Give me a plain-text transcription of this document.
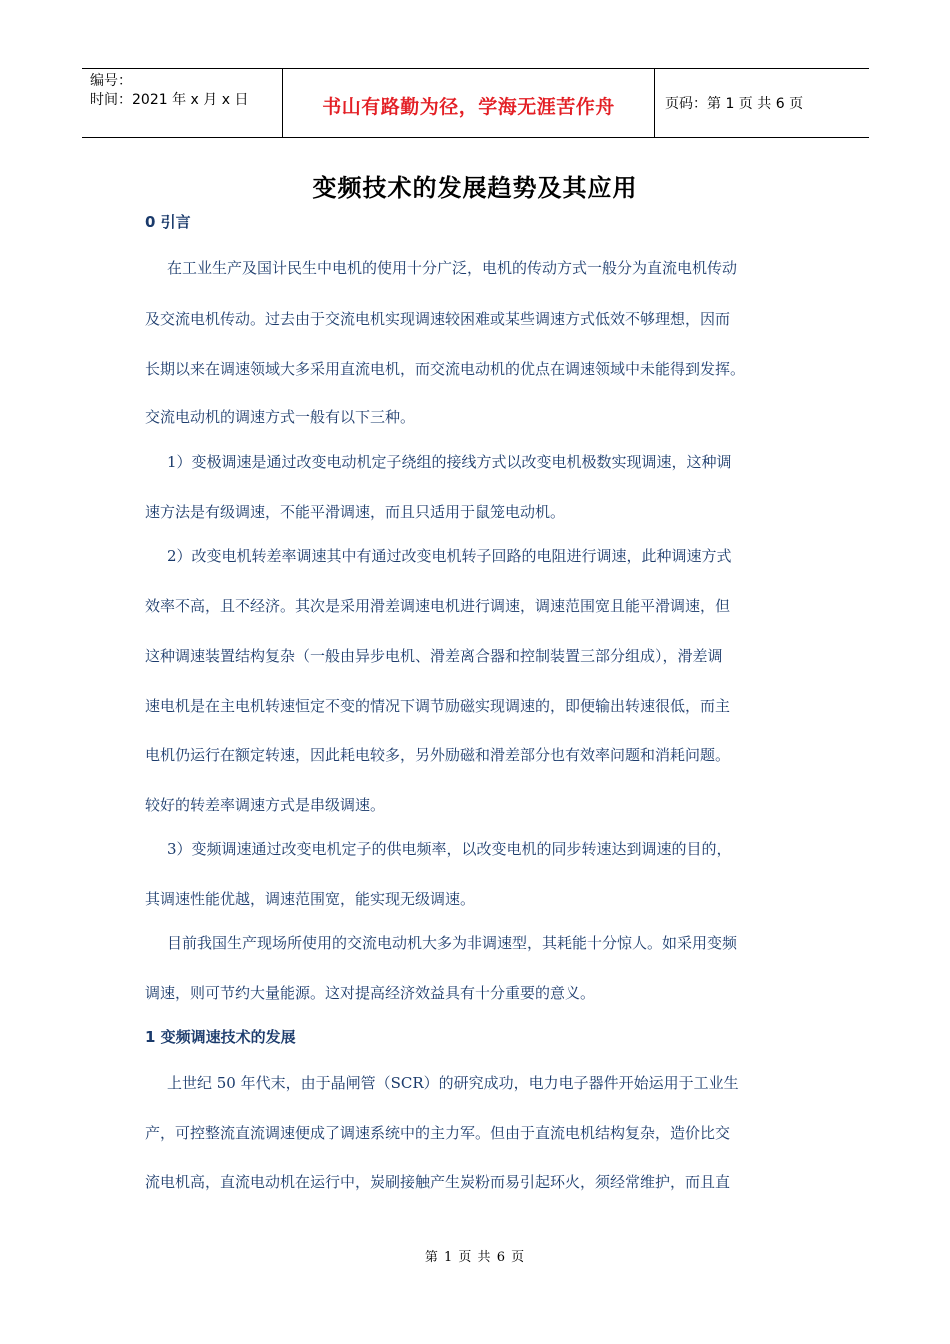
编号：
时间：2021 年 x 月 x 日	书山有路勤为径，学海无涯苦作舟	页码：第 1 页 共 6 页
变频技术的发展趋势及其应用
0 引言
在工业生产及国计民生中电机的使用十分广泛，电机的传动方式一般分为直流电机传动
及交流电机传动。过去由于交流电机实现调速较困难或某些调速方式低效不够理想，因而
长期以来在调速领域大多采用直流电机，而交流电动机的优点在调速领域中未能得到发挥。
交流电动机的调速方式一般有以下三种。
1）变极调速是通过改变电动机定子绕组的接线方式以改变电机极数实现调速，这种调
速方法是有级调速，不能平滑调速，而且只适用于鼠笼电动机。
2）改变电机转差率调速其中有通过改变电机转子回路的电阻进行调速，此种调速方式
效率不高，且不经济。其次是采用滑差调速电机进行调速，调速范围宽且能平滑调速，但
这种调速装置结构复杂（一般由异步电机、滑差离合器和控制装置三部分组成），滑差调
速电机是在主电机转速恒定不变的情况下调节励磁实现调速的，即便输出转速很低，而主
电机仍运行在额定转速，因此耗电较多，另外励磁和滑差部分也有效率问题和消耗问题。
较好的转差率调速方式是串级调速。
3）变频调速通过改变电机定子的供电频率，以改变电机的同步转速达到调速的目的，
其调速性能优越，调速范围宽，能实现无级调速。
目前我国生产现场所使用的交流电动机大多为非调速型，其耗能十分惊人。如采用变频
调速，则可节约大量能源。这对提高经济效益具有十分重要的意义。
1 变频调速技术的发展
上世纪 50 年代末，由于晶闸管（SCR）的研究成功，电力电子器件开始运用于工业生
产，可控整流直流调速便成了调速系统中的主力军。但由于直流电机结构复杂，造价比交
流电机高，直流电动机在运行中，炭刷接触产生炭粉而易引起环火，须经常维护，而且直
第 1 页 共 6 页
